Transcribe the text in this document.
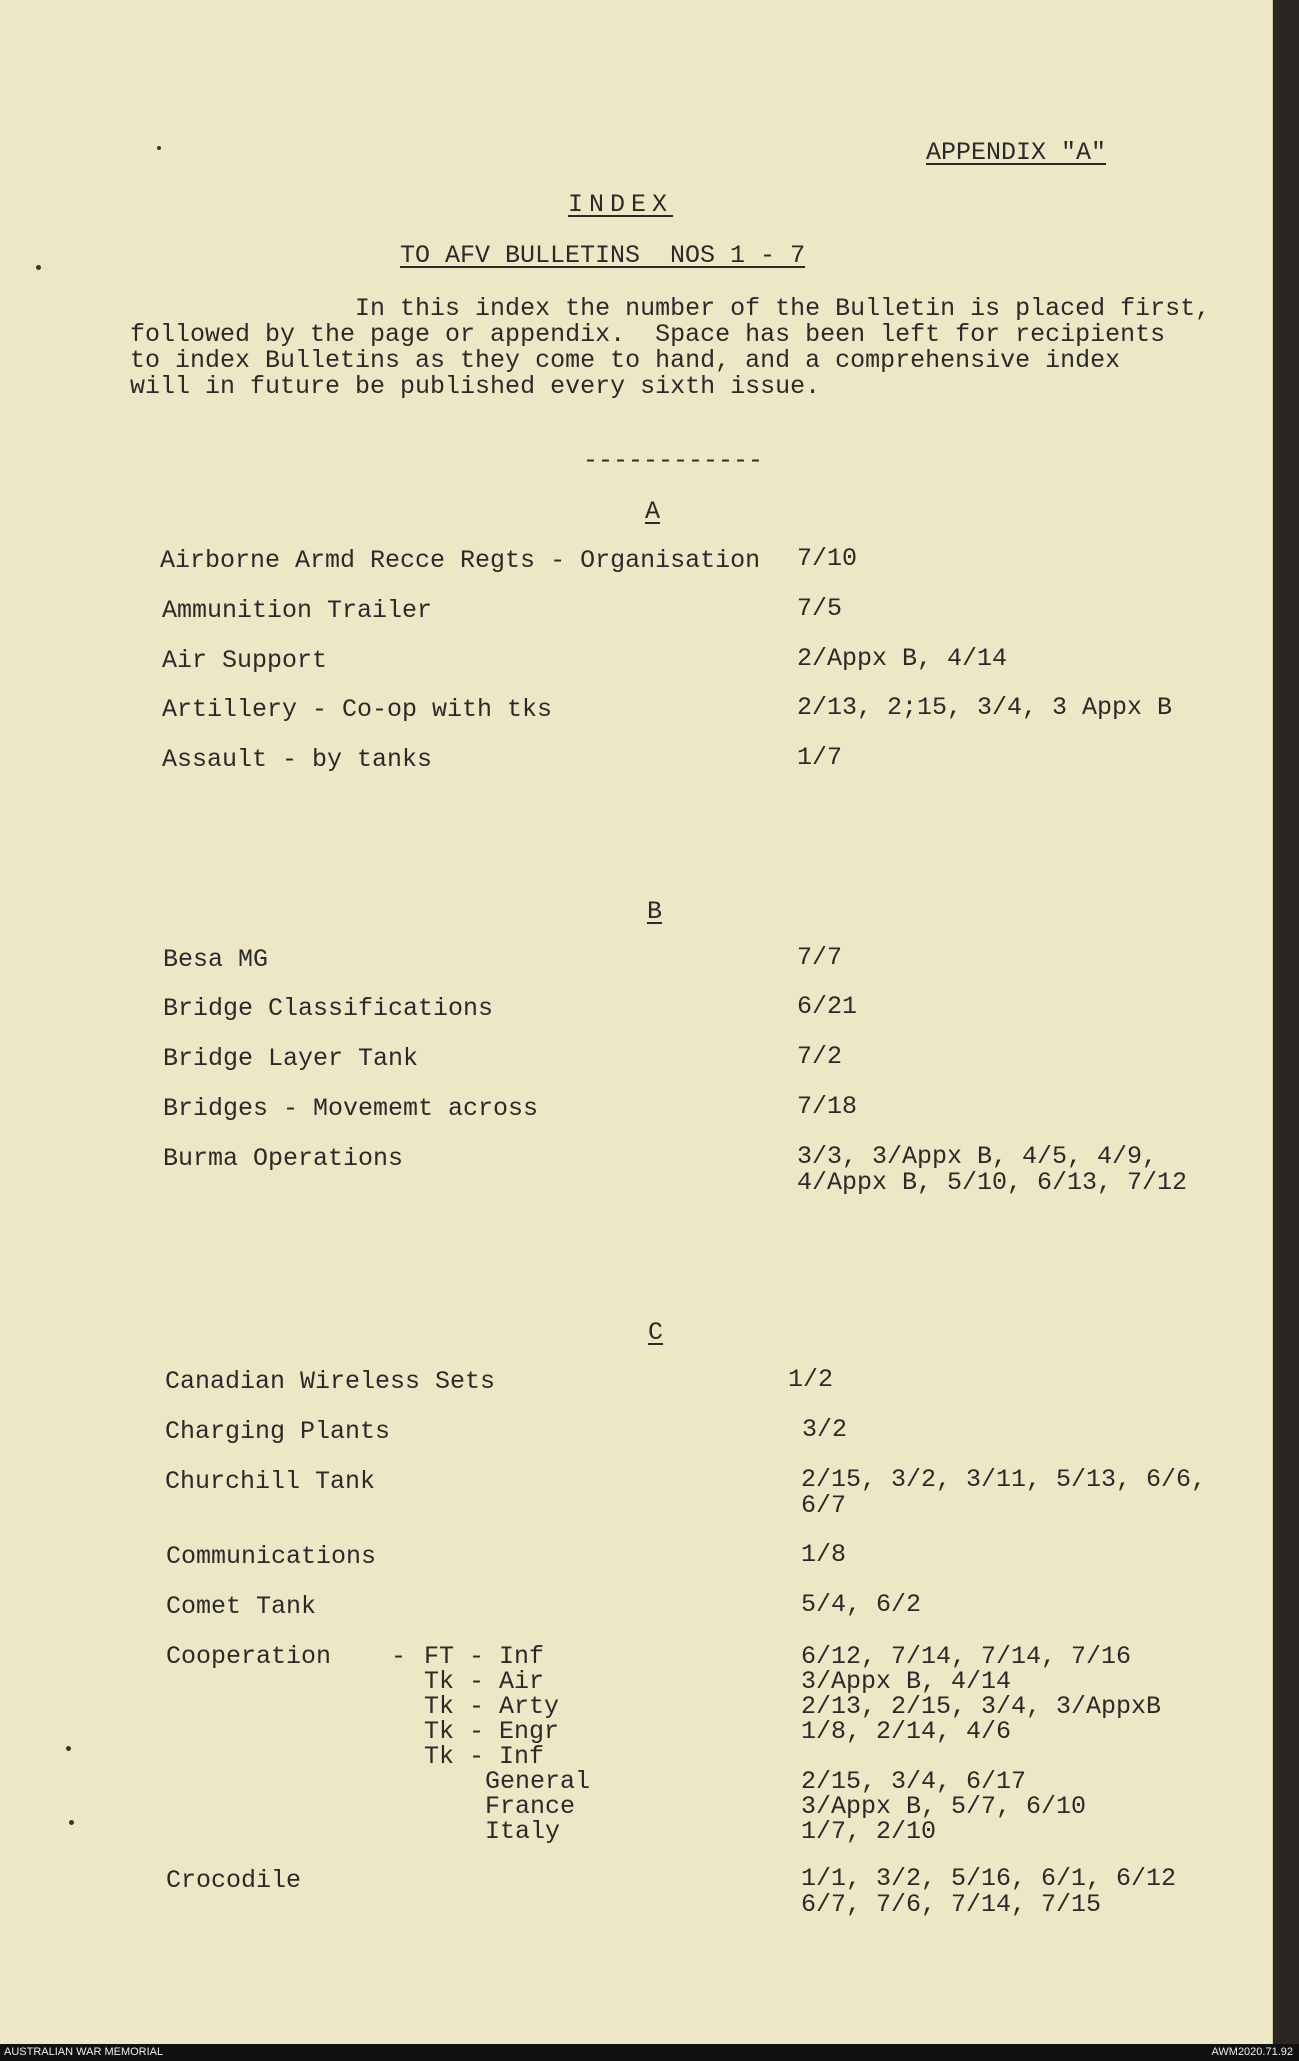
APPENDIX "A"
INDEX
TO AFV BULLETINS  NOS 1 - 7
In this index the number of the Bulletin is placed first,
followed by the page or appendix.  Space has been left for recipients
to index Bulletins as they come to hand, and a comprehensive index
will in future be published every sixth issue.
------------
A
Airborne Armd Recce Regts - Organisation 7/10
Ammunition Trailer	7/5
Air Support	2/Appx B, 4/14
Artillery - Co-op with tks	2/13, 2;15, 3/4, 3 Appx B
Assault - by tanks	1/7
B
Besa MG	7/7
Bridge Classifications	6/21
Bridge Layer Tank	7/2
Bridges - Movememt across	7/18
Burma Operations	3/3, 3/Appx B, 4/5, 4/9,
4/Appx B, 5/10, 6/13, 7/12
C
Canadian Wireless Sets	1/2
Charging Plants	3/2
Churchill Tank	2/15, 3/2, 3/11, 5/13, 6/6,
6/7
Communications	1/8
Comet Tank	5/4, 6/2
Cooperation    - FT - Inf	6/12, 7/14, 7/14, 7/16
Tk - Air	3/Appx B, 4/14
Tk - Arty	2/13, 2/15, 3/4, 3/AppxB
Tk - Engr	1/8, 2/14, 4/6
Tk - Inf
General	2/15, 3/4, 6/17
France	3/Appx B, 5/7, 6/10
Italy	1/7, 2/10
Crocodile	1/1, 3/2, 5/16, 6/1, 6/12
6/7, 7/6, 7/14, 7/15
AUSTRALIAN WAR MEMORIAL	AWM2020.71.92
